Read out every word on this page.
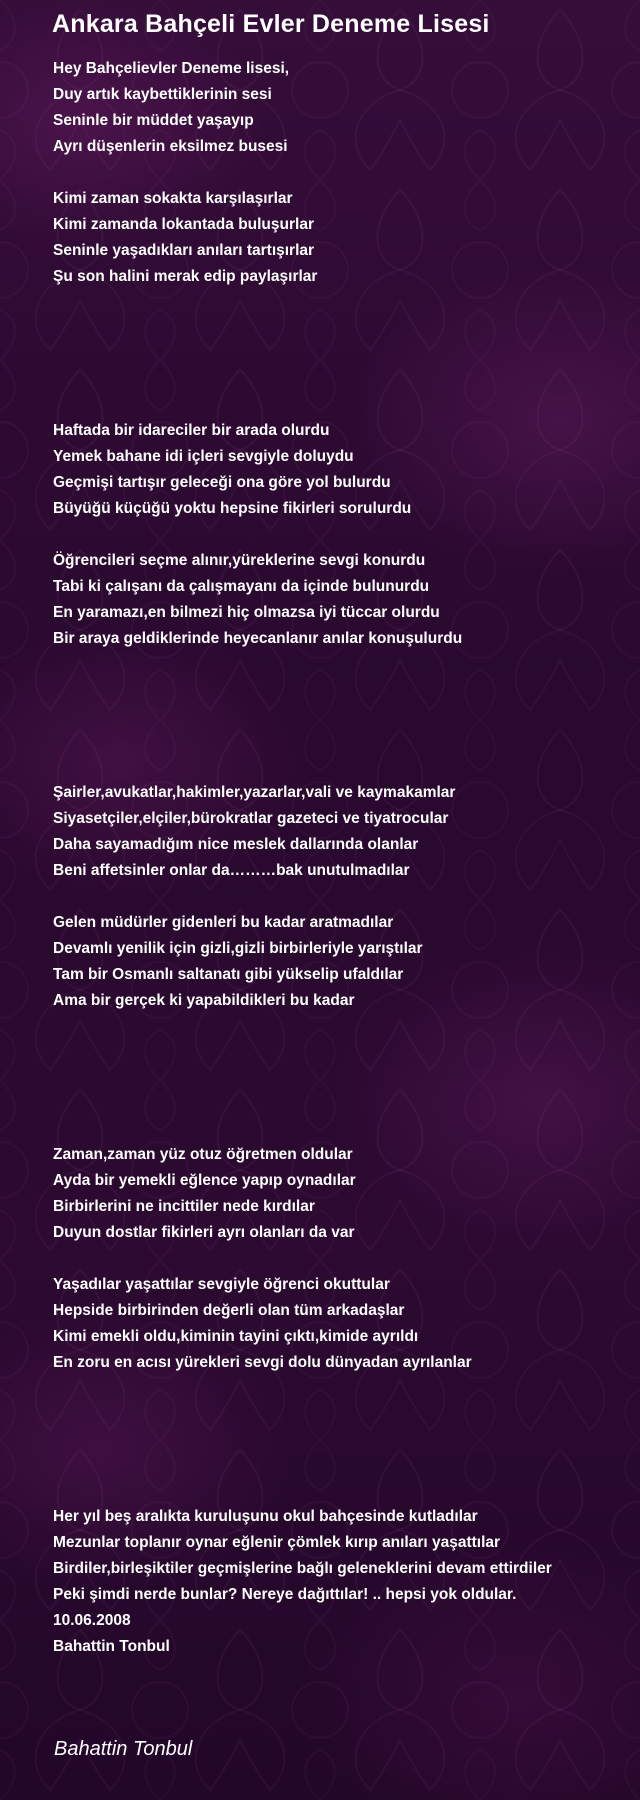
Ankara Bahçeli Evler Deneme Lisesi
Hey Bahçelievler Deneme lisesi,
Duy artık kaybettiklerinin sesi
Seninle bir müddet yaşayıp
Ayrı düşenlerin eksilmez busesi
Kimi zaman sokakta karşılaşırlar
Kimi zamanda lokantada buluşurlar
Seninle yaşadıkları anıları tartışırlar
Şu son halini merak edip paylaşırlar
Haftada bir idareciler bir arada olurdu
Yemek bahane idi içleri sevgiyle doluydu
Geçmişi tartışır geleceği ona göre yol bulurdu
Büyüğü küçüğü yoktu hepsine fikirleri sorulurdu
Öğrencileri seçme alınır,yüreklerine sevgi konurdu
Tabi ki çalışanı da çalışmayanı da içinde bulunurdu
En yaramazı,en bilmezi hiç olmazsa iyi tüccar olurdu
Bir araya geldiklerinde heyecanlanır anılar konuşulurdu
Şairler,avukatlar,hakimler,yazarlar,vali ve kaymakamlar
Siyasetçiler,elçiler,bürokratlar gazeteci ve tiyatrocular
Daha sayamadığım nice meslek dallarında olanlar
Beni affetsinler onlar da………bak unutulmadılar
Gelen müdürler gidenleri bu kadar aratmadılar
Devamlı yenilik için gizli,gizli birbirleriyle yarıştılar
Tam bir Osmanlı saltanatı gibi yükselip ufaldılar
Ama bir gerçek ki yapabildikleri bu kadar
Zaman,zaman yüz otuz öğretmen oldular
Ayda bir yemekli eğlence yapıp oynadılar
Birbirlerini ne incittiler nede kırdılar
Duyun dostlar fikirleri ayrı olanları da var
Yaşadılar yaşattılar sevgiyle öğrenci okuttular
Hepside birbirinden değerli olan tüm arkadaşlar
Kimi emekli oldu,kiminin tayini çıktı,kimide ayrıldı
En zoru en acısı yürekleri sevgi dolu dünyadan ayrılanlar
Her yıl beş aralıkta kuruluşunu okul bahçesinde kutladılar
Mezunlar toplanır oynar eğlenir çömlek kırıp anıları yaşattılar
Birdiler,birleşiktiler geçmişlerine bağlı geleneklerini devam ettirdiler
Peki şimdi nerde bunlar? Nereye dağıttılar! .. hepsi yok oldular.
10.06.2008
Bahattin Tonbul
Bahattin Tonbul
